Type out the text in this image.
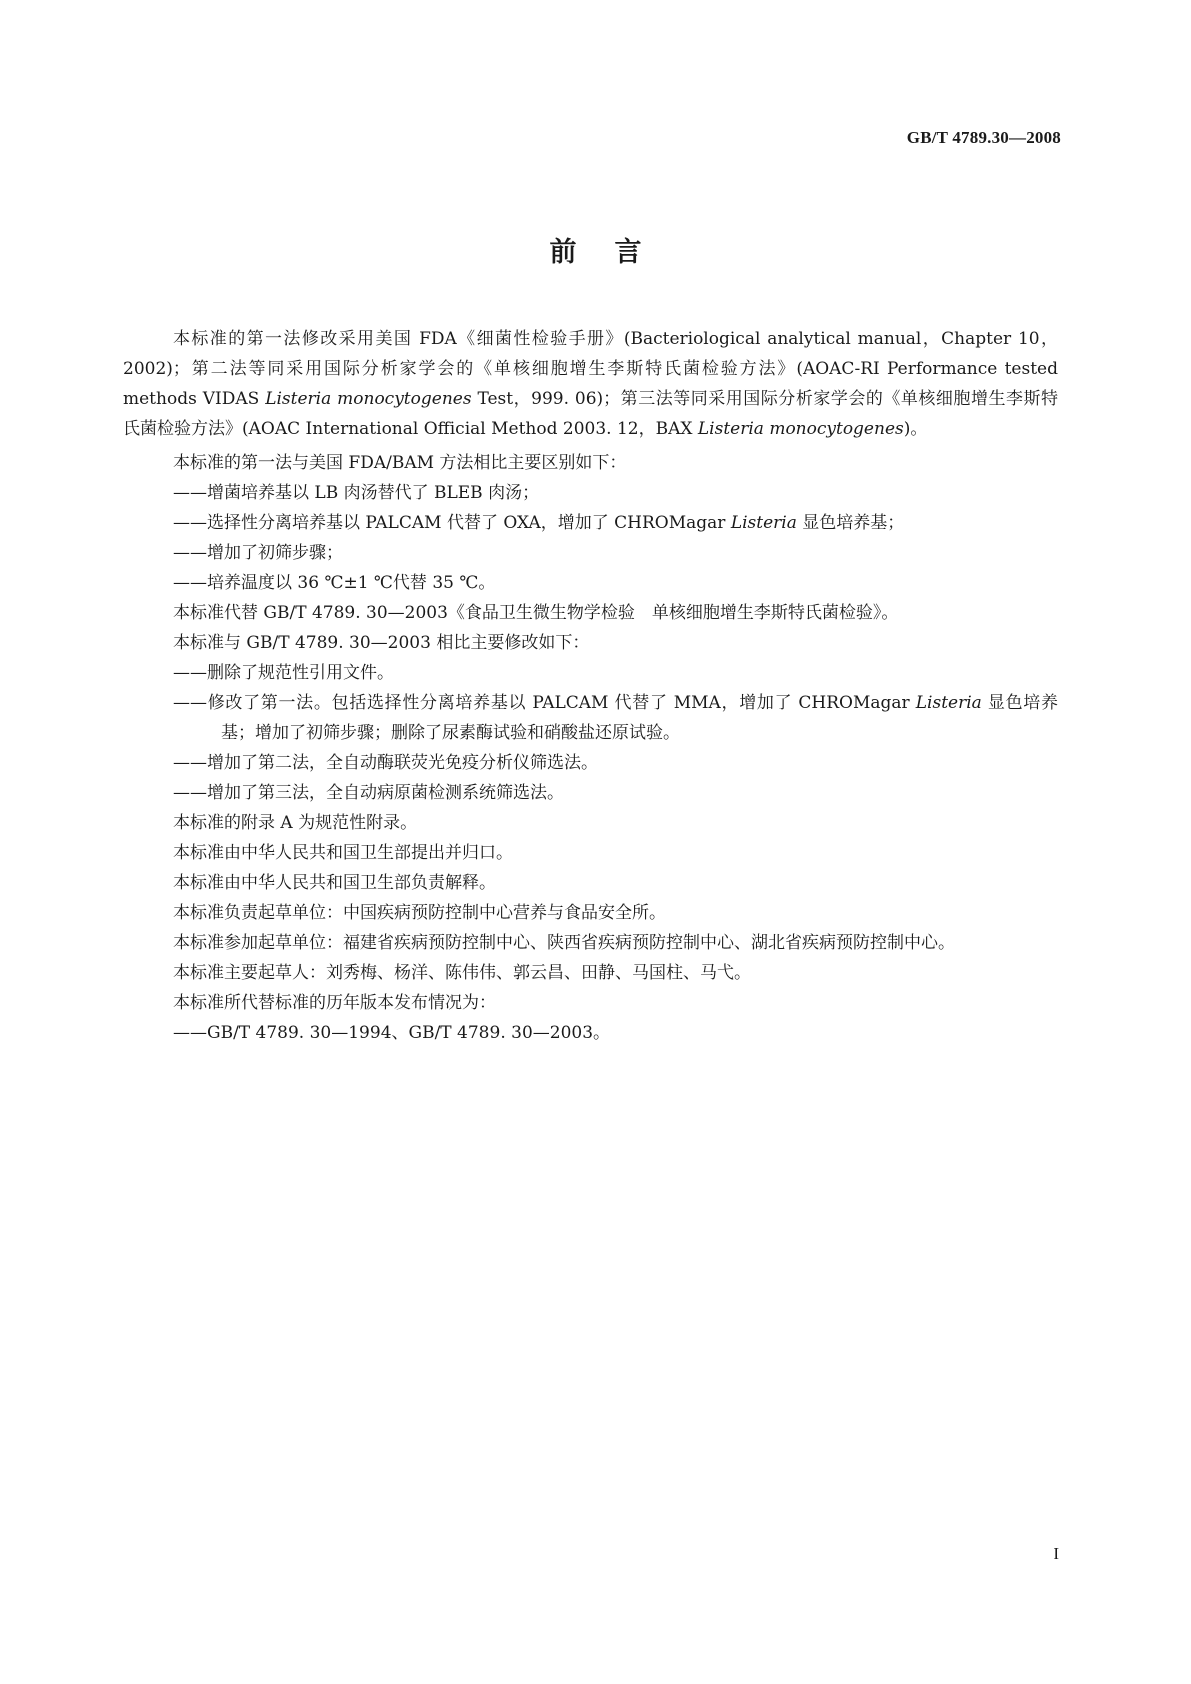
GB/T 4789.30—2008
前言

本标准的第一法修改采用美国 FDA《细菌性检验手册》(Bacteriological analytical manual，Chapter 10，2002)；第二法等同采用国际分析家学会的《单核细胞增生李斯特氏菌检验方法》(AOAC-RI Performance tested methods VIDAS Listeria monocytogenes Test，999. 06)；第三法等同采用国际分析家学会的《单核细胞增生李斯特氏菌检验方法》(AOAC International Official Method 2003. 12，BAX Listeria monocytogenes)。

本标准的第一法与美国 FDA/BAM 方法相比主要区别如下：

——增菌培养基以 LB 肉汤替代了 BLEB 肉汤；

——选择性分离培养基以 PALCAM 代替了 OXA，增加了 CHROMagar Listeria 显色培养基；

——增加了初筛步骤；

——培养温度以 36 ℃±1 ℃代替 35 ℃。

本标准代替 GB/T 4789. 30—2003《食品卫生微生物学检验　单核细胞增生李斯特氏菌检验》。

本标准与 GB/T 4789. 30—2003 相比主要修改如下：

——删除了规范性引用文件。

——修改了第一法。包括选择性分离培养基以 PALCAM 代替了 MMA，增加了 CHROMagar Listeria 显色培养基；增加了初筛步骤；删除了尿素酶试验和硝酸盐还原试验。

——增加了第二法，全自动酶联荧光免疫分析仪筛选法。

——增加了第三法，全自动病原菌检测系统筛选法。

本标准的附录 A 为规范性附录。

本标准由中华人民共和国卫生部提出并归口。

本标准由中华人民共和国卫生部负责解释。

本标准负责起草单位：中国疾病预防控制中心营养与食品安全所。

本标准参加起草单位：福建省疾病预防控制中心、陕西省疾病预防控制中心、湖北省疾病预防控制中心。

本标准主要起草人：刘秀梅、杨洋、陈伟伟、郭云昌、田静、马国柱、马弋。

本标准所代替标准的历年版本发布情况为：

——GB/T 4789. 30—1994、GB/T 4789. 30—2003。

I
